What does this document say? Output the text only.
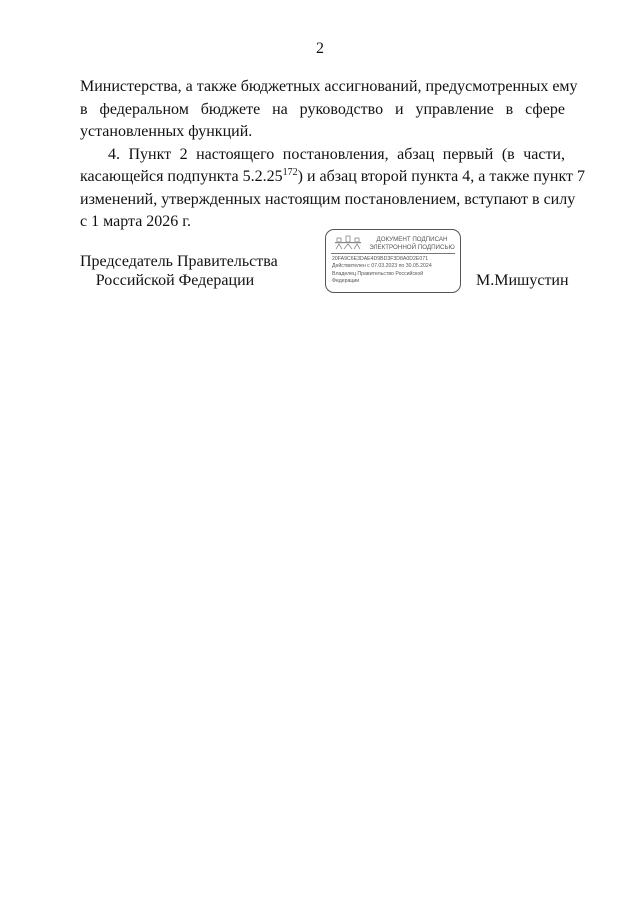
2

Министерства, а также бюджетных ассигнований, предусмотренных ему
в федеральном бюджете на руководство и управление в сфере
установленных функций.

4. Пункт 2 настоящего постановления, абзац первый (в части,
касающейся подпункта 5.2.25$^{172}$) и абзац второй пункта 4, а также пункт 7
изменений, утвержденных настоящим постановлением, вступают в силу
с 1 марта 2026 г.

Председатель Правительства
Российской Федерации
ДОКУМЕНТ ПОДПИСАН
ЭЛЕКТРОННОЙ ПОДПИСЬЮ
20FA9C6E3DAE4D9BD3F3D8A0D2E071
Действителен с 07.03.2023 по 30.05.2024
Владелец Правительство Российской
Федерации	М.Мишустин
